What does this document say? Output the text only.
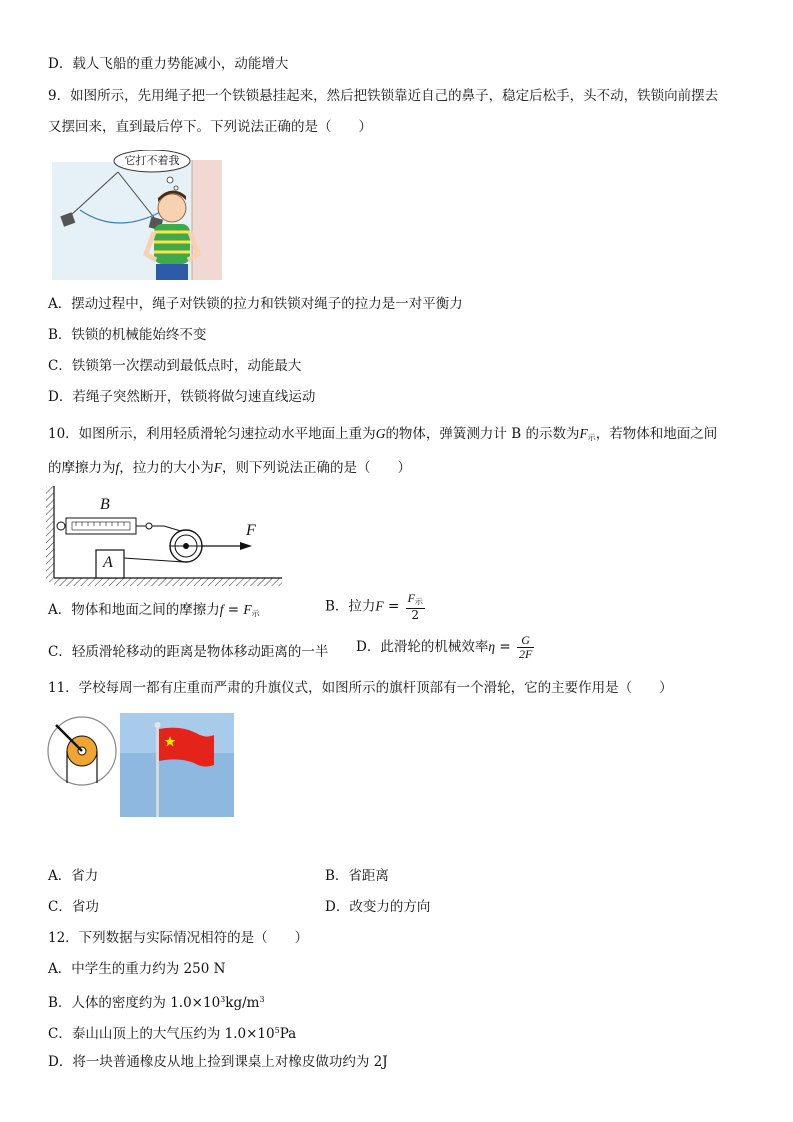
D．载人飞船的重力势能减小，动能增大
9．如图所示，先用绳子把一个铁锁悬挂起来，然后把铁锁靠近自己的鼻子，稳定后松手，头不动，铁锁向前摆去
又摆回来，直到最后停下。下列说法正确的是（　　）
它打不着我
A．摆动过程中，绳子对铁锁的拉力和铁锁对绳子的拉力是一对平衡力
B．铁锁的机械能始终不变
C．铁锁第一次摆动到最低点时，动能最大
D．若绳子突然断开，铁锁将做匀速直线运动
10．如图所示，利用轻质滑轮匀速拉动水平地面上重为G的物体，弹簧测力计 B 的示数为$F_示$，若物体和地面之间
的摩擦力为f，拉力的大小为F，则下列说法正确的是（　　）
B
A
F
A．物体和地面之间的摩擦力$f = F_示$	B．拉力$F = \frac{F_示}{2}$
C．轻质滑轮移动的距离是物体移动距离的一半 D．此滑轮的机械效率$\eta = \frac{G}{2F}$
11．学校每周一都有庄重而严肃的升旗仪式，如图所示的旗杆顶部有一个滑轮，它的主要作用是（　　）
A．省力	B．省距离
C．省功	D．改变力的方向
12．下列数据与实际情况相符的是（　　）
A．中学生的重力约为 250 N
B．人体的密度约为 $1.0\times 10^3kg/m^3$
C．泰山山顶上的大气压约为 $1.0\times 10^5Pa$
D．将一块普通橡皮从地上捡到课桌上对橡皮做功约为 2J
